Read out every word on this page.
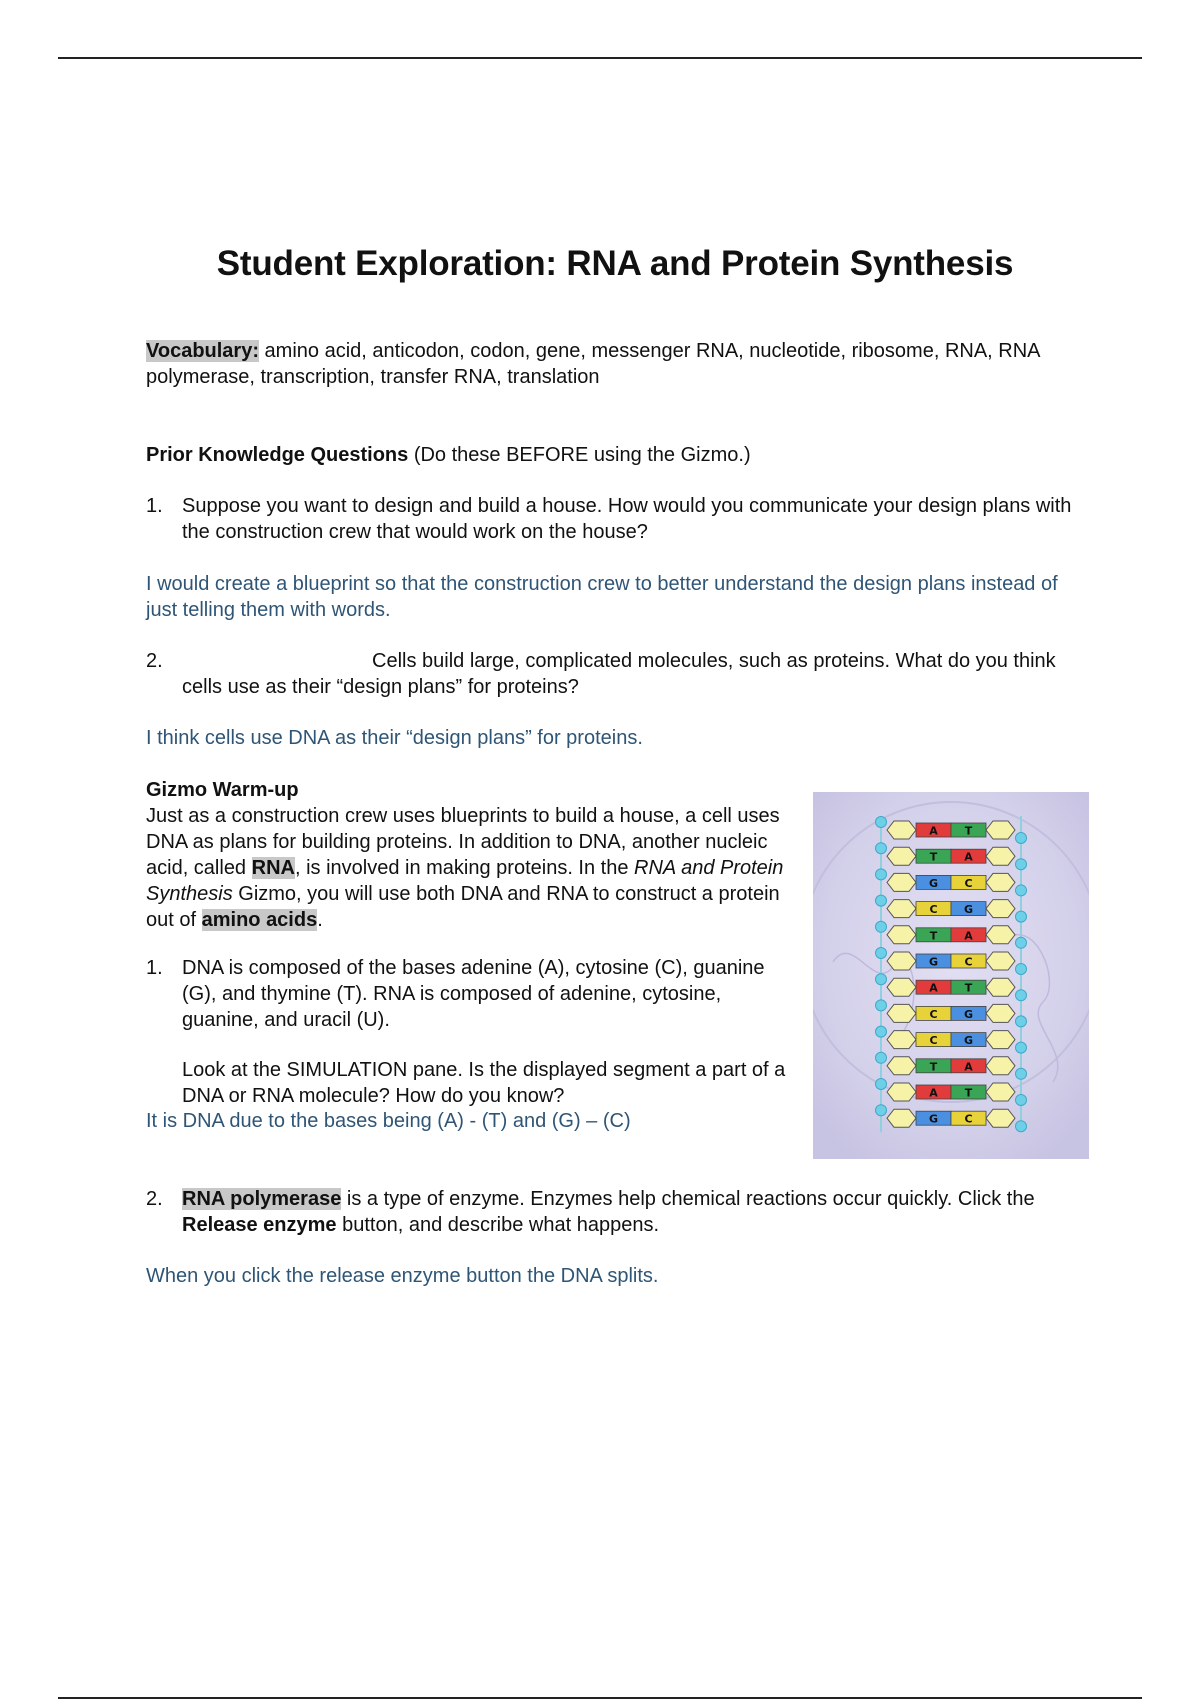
Student Exploration: RNA and Protein Synthesis
Vocabulary: amino acid, anticodon, codon, gene, messenger RNA, nucleotide, ribosome, RNA, RNA polymerase, transcription, transfer RNA, translation
Prior Knowledge Questions (Do these BEFORE using the Gizmo.)
1. Suppose you want to design and build a house. How would you communicate your design plans with the construction crew that would work on the house?
I would create a blueprint so that the construction crew to better understand the design plans instead of just telling them with words.
2.	Cells build large, complicated molecules, such as proteins. What do you think cells use as their “design plans” for proteins?
I think cells use DNA as their “design plans” for proteins.
Gizmo Warm-up
Just as a construction crew uses blueprints to build a house, a cell uses DNA as plans for building proteins. In addition to DNA, another nucleic acid, called RNA, is involved in making proteins. In the RNA and Protein Synthesis Gizmo, you will use both DNA and RNA to construct a protein out of amino acids.
1. DNA is composed of the bases adenine (A), cytosine (C), guanine (G), and thymine (T). RNA is composed of adenine, cytosine, guanine, and uracil (U).
Look at the SIMULATION pane. Is the displayed segment a part of a DNA or RNA molecule? How do you know?
It is DNA due to the bases being (A) - (T) and (G) – (C)
A T
T A
G C
C G
T A
G C
A T
C G
C G
T A
A T
G C
2. RNA polymerase is a type of enzyme. Enzymes help chemical reactions occur quickly. Click the Release enzyme button, and describe what happens.
When you click the release enzyme button the DNA splits.
